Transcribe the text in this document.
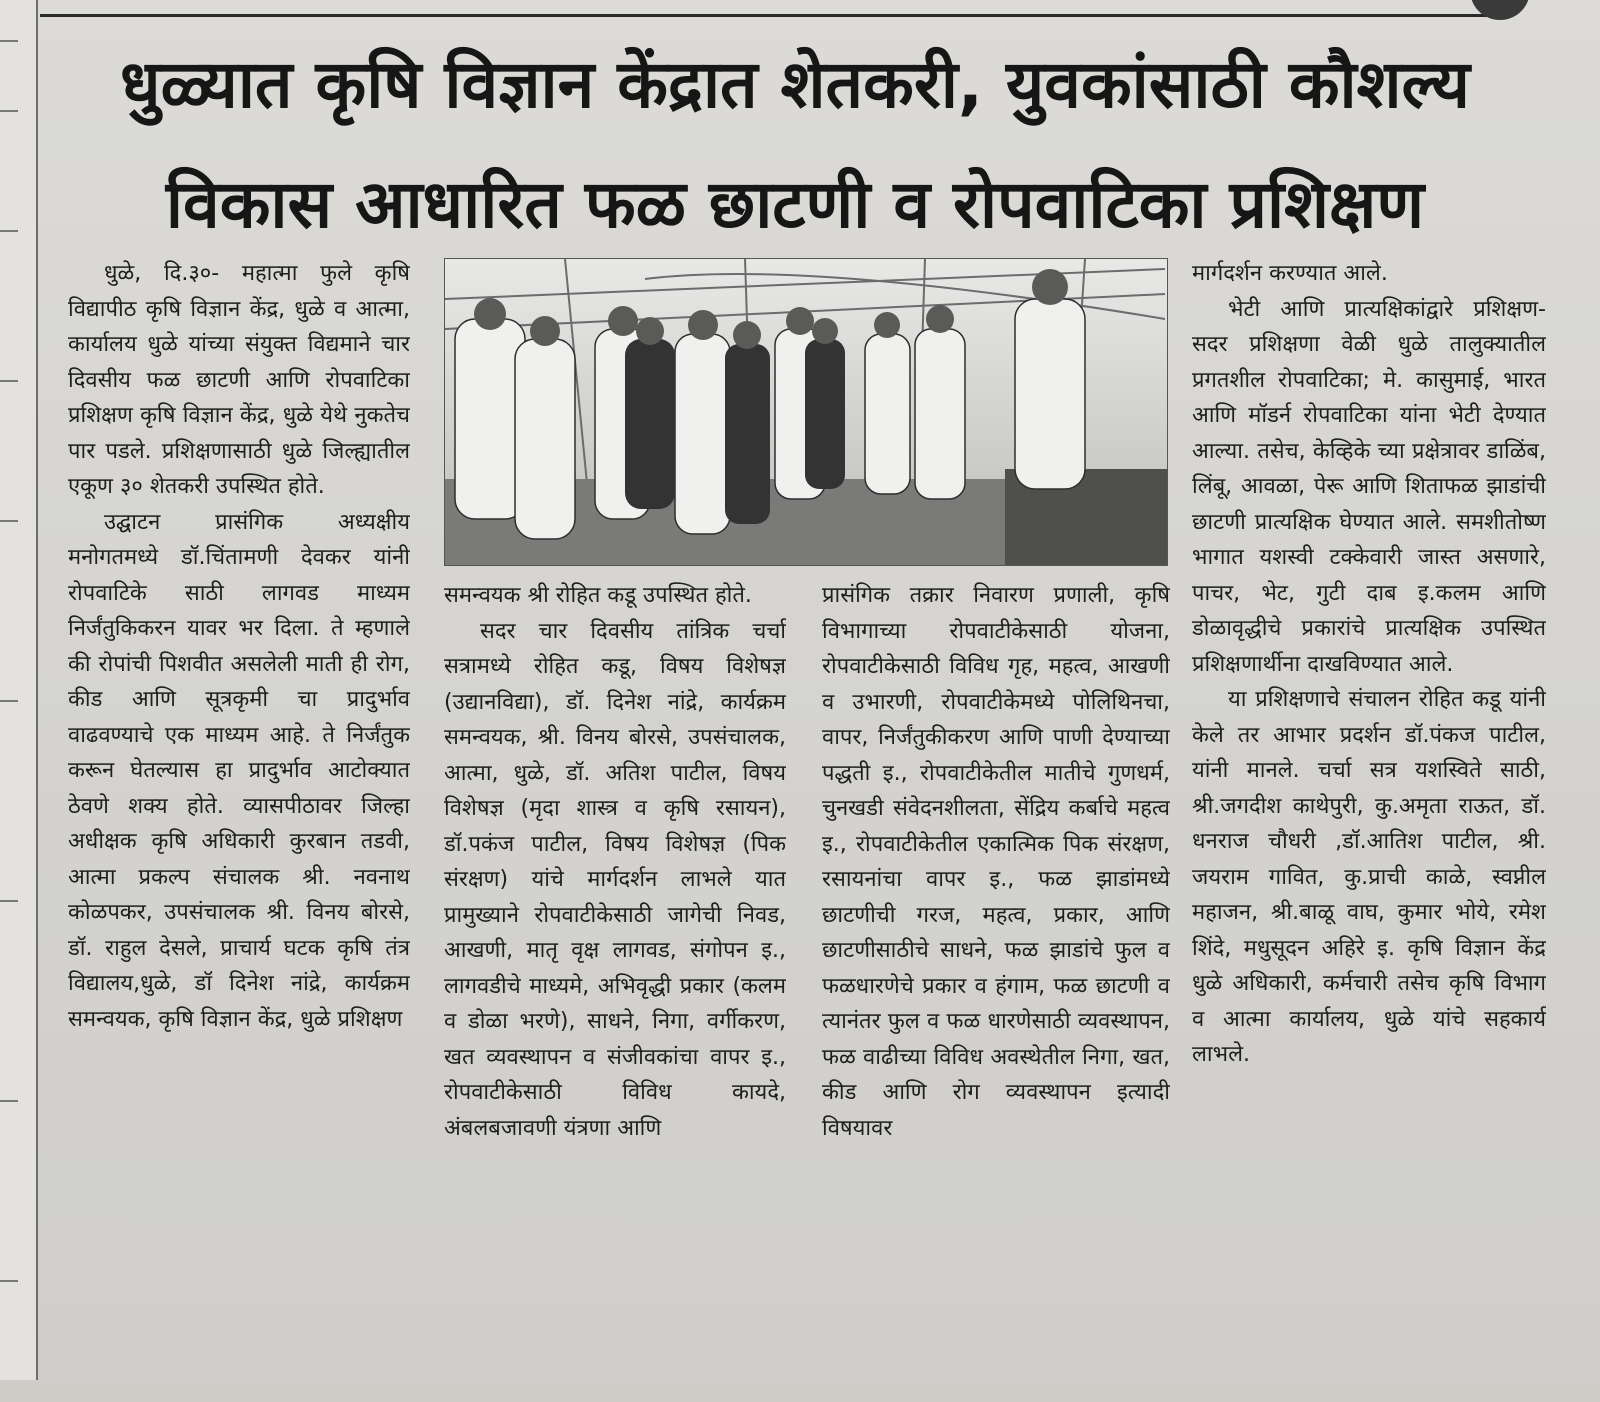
धुळ्यात कृषि विज्ञान केंद्रात शेतकरी, युवकांसाठी कौशल्य
विकास आधारित फळ छाटणी व रोपवाटिका प्रशिक्षण

धुळे, दि.३०- महात्मा फुले कृषि विद्यापीठ कृषि विज्ञान केंद्र, धुळे व आत्मा, कार्यालय धुळे यांच्या संयुक्त विद्यमाने चार दिवसीय फळ छाटणी आणि रोपवाटिका प्रशिक्षण कृषि विज्ञान केंद्र, धुळे येथे नुकतेच पार पडले. प्रशिक्षणासाठी धुळे जिल्ह्यातील एकूण ३० शेतकरी उपस्थित होते.

उद्घाटन प्रासंगिक अध्यक्षीय मनोगतमध्ये डॉ.चिंतामणी देवकर यांनी रोपवाटिके साठी लागवड माध्यम निर्जंतुकिकरन यावर भर दिला. ते म्हणाले की रोपांची पिशवीत असलेली माती ही रोग, कीड आणि सूत्रकृमी चा प्रादुर्भाव वाढवण्याचे एक माध्यम आहे. ते निर्जंतुक करून घेतल्यास हा प्रादुर्भाव आटोक्यात ठेवणे शक्य होते. व्यासपीठावर जिल्हा अधीक्षक कृषि अधिकारी कुरबान तडवी, आत्मा प्रकल्प संचालक श्री. नवनाथ कोळपकर, उपसंचालक श्री. विनय बोरसे, डॉ. राहुल देसले, प्राचार्य घटक कृषि तंत्र विद्यालय,धुळे, डॉ दिनेश नांद्रे, कार्यक्रम समन्वयक, कृषि विज्ञान केंद्र, धुळे प्रशिक्षण

समन्वयक श्री रोहित कडू उपस्थित होते.

सदर चार दिवसीय तांत्रिक चर्चा सत्रामध्ये रोहित कडू, विषय विशेषज्ञ (उद्यानविद्या), डॉ. दिनेश नांद्रे, कार्यक्रम समन्वयक, श्री. विनय बोरसे, उपसंचालक, आत्मा, धुळे, डॉ. अतिश पाटील, विषय विशेषज्ञ (मृदा शास्त्र व कृषि रसायन), डॉ.पकंज पाटील, विषय विशेषज्ञ (पिक संरक्षण) यांचे मार्गदर्शन लाभले यात प्रामुख्याने रोपवाटीकेसाठी जागेची निवड, आखणी, मातृ वृक्ष लागवड, संगोपन इ., लागवडीचे माध्यमे, अभिवृद्धी प्रकार (कलम व डोळा भरणे), साधने, निगा, वर्गीकरण, खत व्यवस्थापन व संजीवकांचा वापर इ., रोपवाटीकेसाठी विविध कायदे, अंबलबजावणी यंत्रणा आणि

प्रासंगिक तक्रार निवारण प्रणाली, कृषि विभागाच्या रोपवाटीकेसाठी योजना, रोपवाटीकेसाठी विविध गृह, महत्व, आखणी व उभारणी, रोपवाटीकेमध्ये पोलिथिनचा, वापर, निर्जंतुकीकरण आणि पाणी देण्याच्या पद्धती इ., रोपवाटीकेतील मातीचे गुणधर्म, चुनखडी संवेदनशीलता, सेंद्रिय कर्बाचे महत्व इ., रोपवाटीकेतील एकात्मिक पिक संरक्षण, रसायनांचा वापर इ., फळ झाडांमध्ये छाटणीची गरज, महत्व, प्रकार, आणि छाटणीसाठीचे साधने, फळ झाडांचे फुल व फळधारणेचे प्रकार व हंगाम, फळ छाटणी व त्यानंतर फुल व फळ धारणेसाठी व्यवस्थापन, फळ वाढीच्या विविध अवस्थेतील निगा, खत, कीड आणि रोग व्यवस्थापन इत्यादी विषयावर

मार्गदर्शन करण्यात आले.

भेटी आणि प्रात्यक्षिकांद्वारे प्रशिक्षण- सदर प्रशिक्षणा वेळी धुळे तालुक्यातील प्रगतशील रोपवाटिका; मे. कासुमाई, भारत आणि मॉडर्न रोपवाटिका यांना भेटी देण्यात आल्या. तसेच, केव्हिके च्या प्रक्षेत्रावर डाळिंब, लिंबू, आवळा, पेरू आणि शिताफळ झाडांची छाटणी प्रात्यक्षिक घेण्यात आले. समशीतोष्ण भागात यशस्वी टक्केवारी जास्त असणारे, पाचर, भेट, गुटी दाब इ.कलम आणि डोळावृद्धीचे प्रकारांचे प्रात्यक्षिक उपस्थित प्रशिक्षणार्थीना दाखविण्यात आले.

या प्रशिक्षणाचे संचालन रोहित कडू यांनी केले तर आभार प्रदर्शन डॉ.पंकज पाटील, यांनी मानले. चर्चा सत्र यशस्विते साठी, श्री.जगदीश काथेपुरी, कु.अमृता राऊत, डॉ. धनराज चौधरी ,डॉ.आतिश पाटील, श्री. जयराम गावित, कु.प्राची काळे, स्वप्नील महाजन, श्री.बाळू वाघ, कुमार भोये, रमेश शिंदे, मधुसूदन अहिरे इ. कृषि विज्ञान केंद्र धुळे अधिकारी, कर्मचारी तसेच कृषि विभाग व आत्मा कार्यालय, धुळे यांचे सहकार्य लाभले.
